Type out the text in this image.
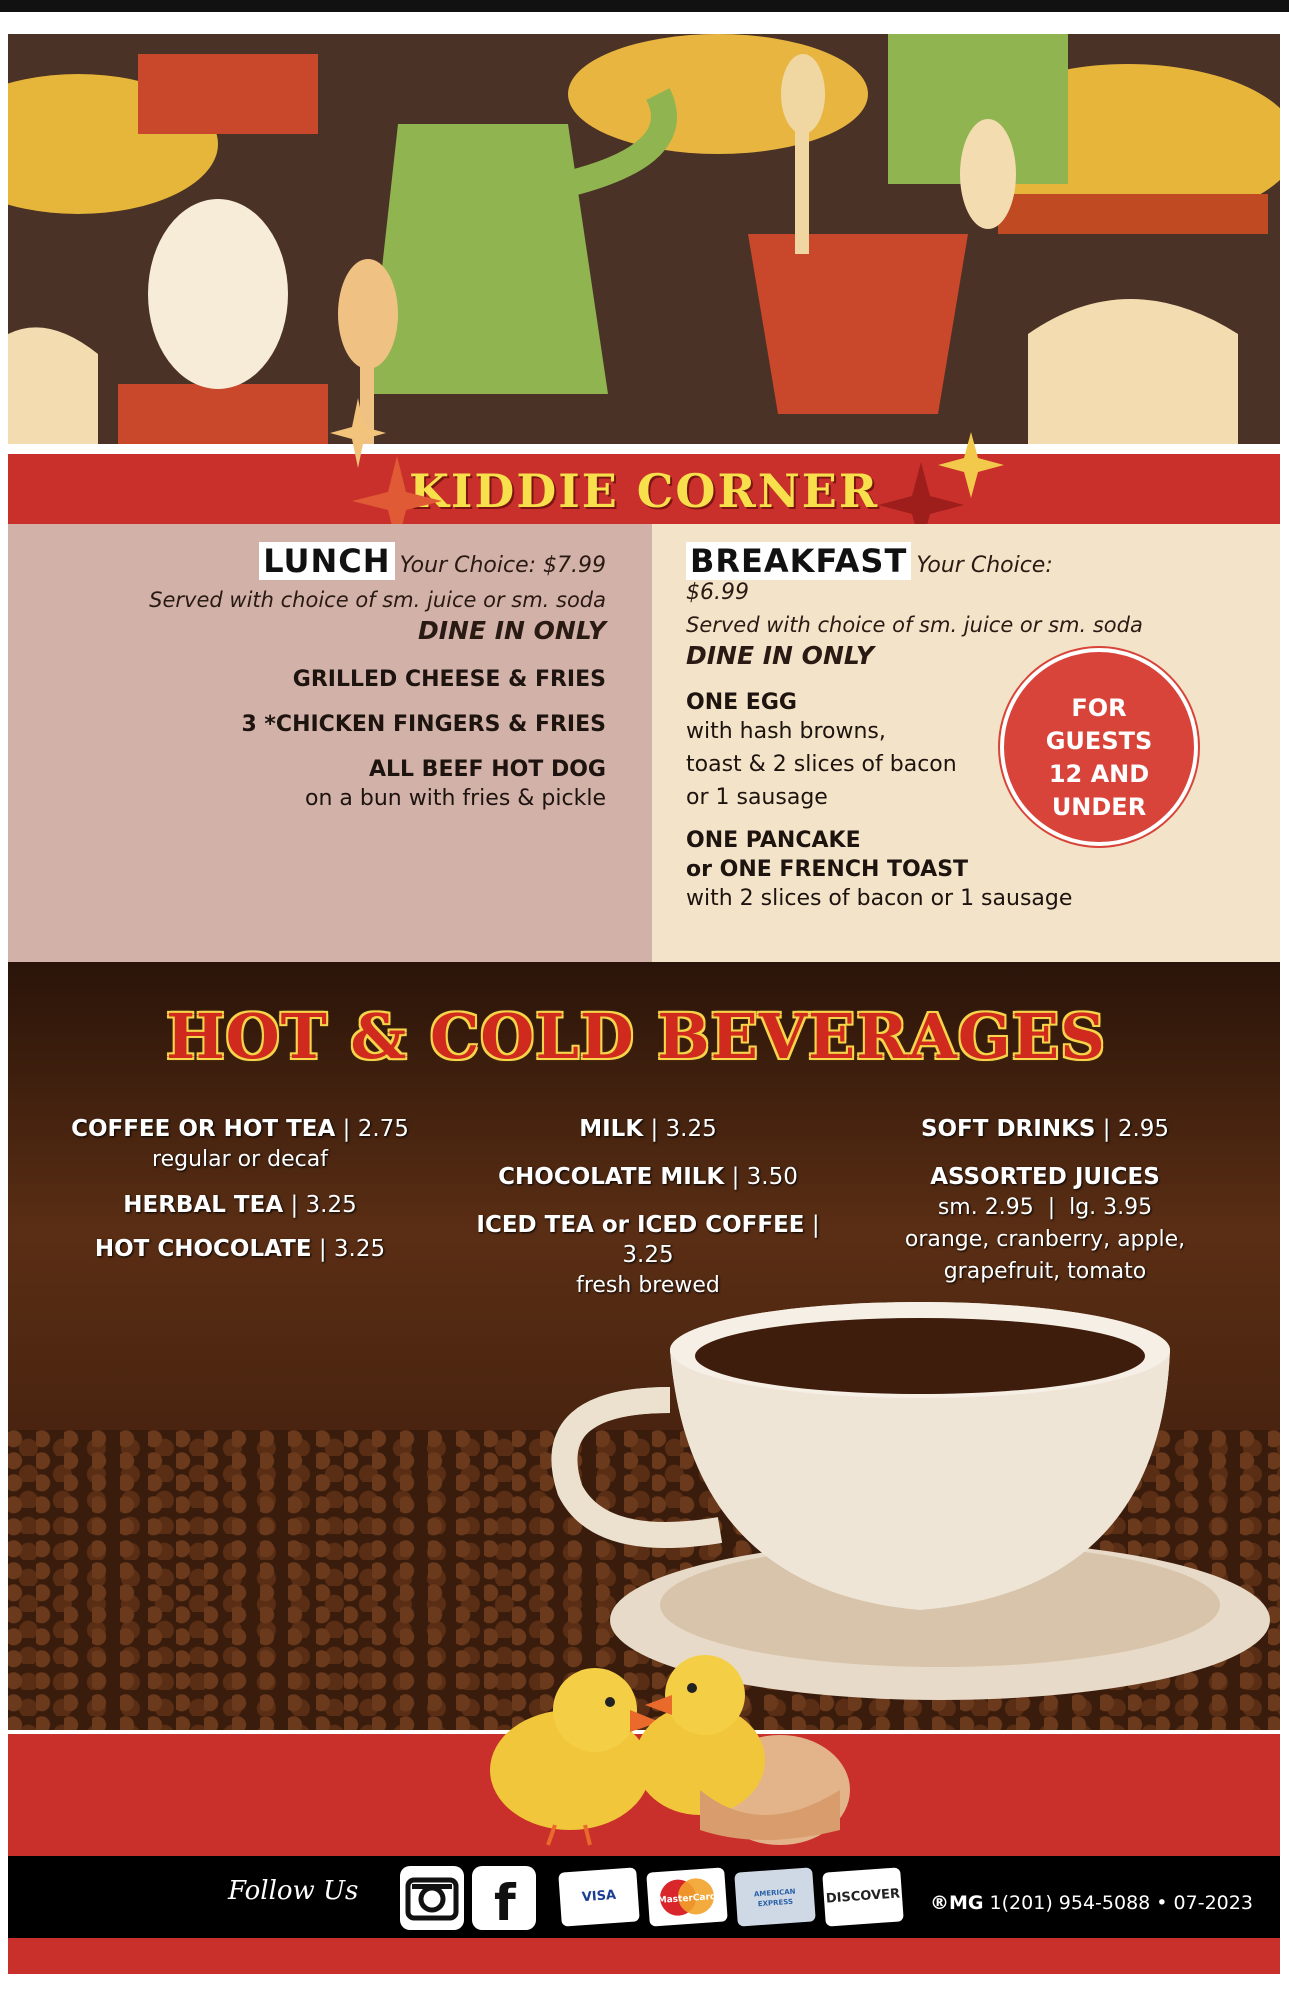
KIDDIE CORNER
LUNCH Your Choice: $7.99
Served with choice of sm. juice or sm. soda
DINE IN ONLY
GRILLED CHEESE & FRIES
3 *CHICKEN FINGERS & FRIES
ALL BEEF HOT DOG
on a bun with fries & pickle
BREAKFAST Your Choice: $6.99
Served with choice of sm. juice or sm. soda
DINE IN ONLY
ONE EGG
with hash browns,
toast & 2 slices of bacon
or 1 sausage
ONE PANCAKE
or ONE FRENCH TOAST
with 2 slices of bacon or 1 sausage
FOR
GUESTS
12 AND
UNDER
HOT & COLD BEVERAGES
COFFEE OR HOT TEA | 2.75
regular or decaf
HERBAL TEA | 3.25
HOT CHOCOLATE | 3.25
MILK | 3.25
CHOCOLATE MILK | 3.50
ICED TEA or ICED COFFEE | 3.25
fresh brewed
SOFT DRINKS | 2.95
ASSORTED JUICES
sm. 2.95  |  lg. 3.95
orange, cranberry, apple,
grapefruit, tomato
Follow Us	f	VISA	MasterCard	AMERICAN EXPRESS	DISCOVER ®MG 1(201) 954-5088 • 07-2023
